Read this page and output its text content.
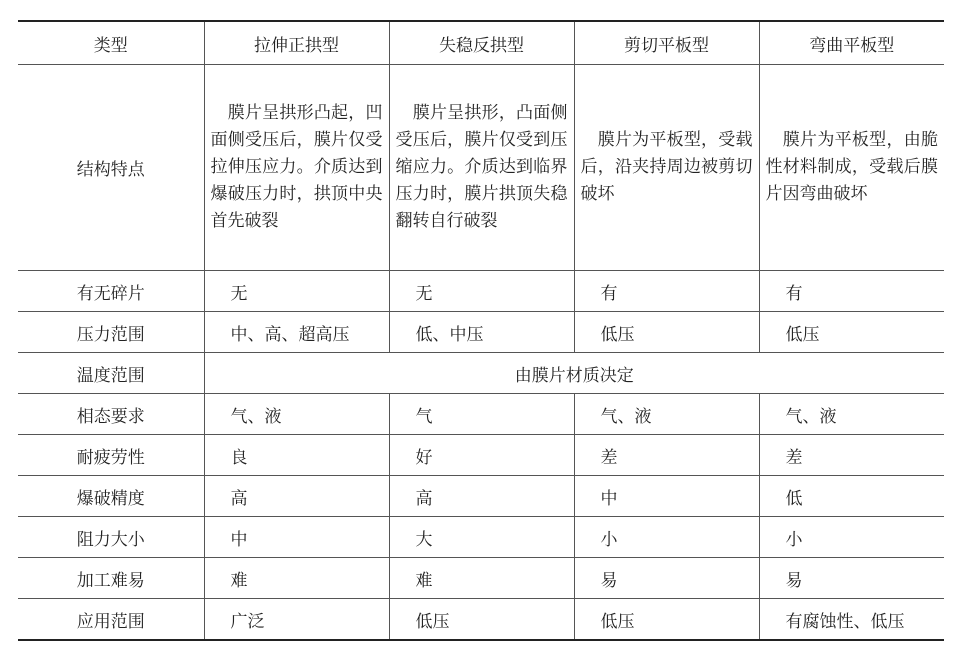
类型	拉伸正拱型	失稳反拱型	剪切平板型	弯曲平板型
结构特点	　膜片呈拱形凸起，凹面侧受压后，膜片仅受拉伸压应力。介质达到爆破压力时，拱顶中央首先破裂	　膜片呈拱形，凸面侧受压后，膜片仅受到压缩应力。介质达到临界压力时，膜片拱顶失稳翻转自行破裂	　膜片为平板型，受载后，沿夹持周边被剪切破坏	　膜片为平板型，由脆性材料制成，受载后膜片因弯曲破坏
有无碎片	无	无	有	有
压力范围	中、高、超高压	低、中压	低压	低压
温度范围	由膜片材质决定			
相态要求	气、液	气	气、液	气、液
耐疲劳性	良	好	差	差
爆破精度	高	高	中	低
阻力大小	中	大	小	小
加工难易	难	难	易	易
应用范围	广泛	低压	低压	有腐蚀性、低压
